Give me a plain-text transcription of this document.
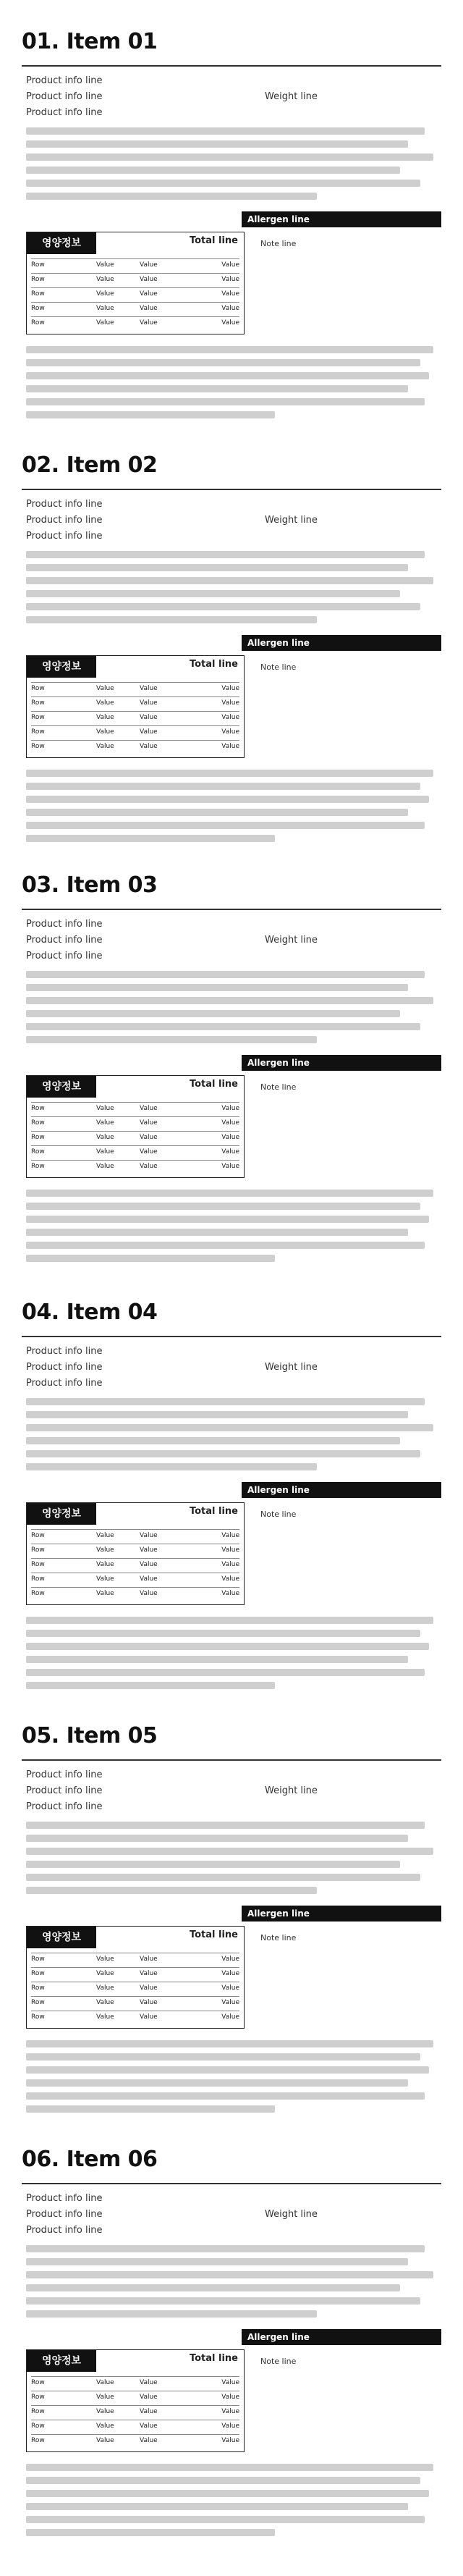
01. Item 01
Product info line
Product info line	Weight line
Product info line
Allergen line
영양정보	Total line
Row	Value	Value	Value
Row	Value	Value	Value
Row	Value	Value	Value
Row	Value	Value	Value
Row	Value	Value	Value
Note line
02. Item 02
Product info line
Product info line	Weight line
Product info line
Allergen line
영양정보	Total line
Row	Value	Value	Value
Row	Value	Value	Value
Row	Value	Value	Value
Row	Value	Value	Value
Row	Value	Value	Value
Note line
03. Item 03
Product info line
Product info line	Weight line
Product info line
Allergen line
영양정보	Total line
Row	Value	Value	Value
Row	Value	Value	Value
Row	Value	Value	Value
Row	Value	Value	Value
Row	Value	Value	Value
Note line
04. Item 04
Product info line
Product info line	Weight line
Product info line
Allergen line
영양정보	Total line
Row	Value	Value	Value
Row	Value	Value	Value
Row	Value	Value	Value
Row	Value	Value	Value
Row	Value	Value	Value
Note line
05. Item 05
Product info line
Product info line	Weight line
Product info line
Allergen line
영양정보	Total line
Row	Value	Value	Value
Row	Value	Value	Value
Row	Value	Value	Value
Row	Value	Value	Value
Row	Value	Value	Value
Note line
06. Item 06
Product info line
Product info line	Weight line
Product info line
Allergen line
영양정보	Total line
Row	Value	Value	Value
Row	Value	Value	Value
Row	Value	Value	Value
Row	Value	Value	Value
Row	Value	Value	Value
Note line
